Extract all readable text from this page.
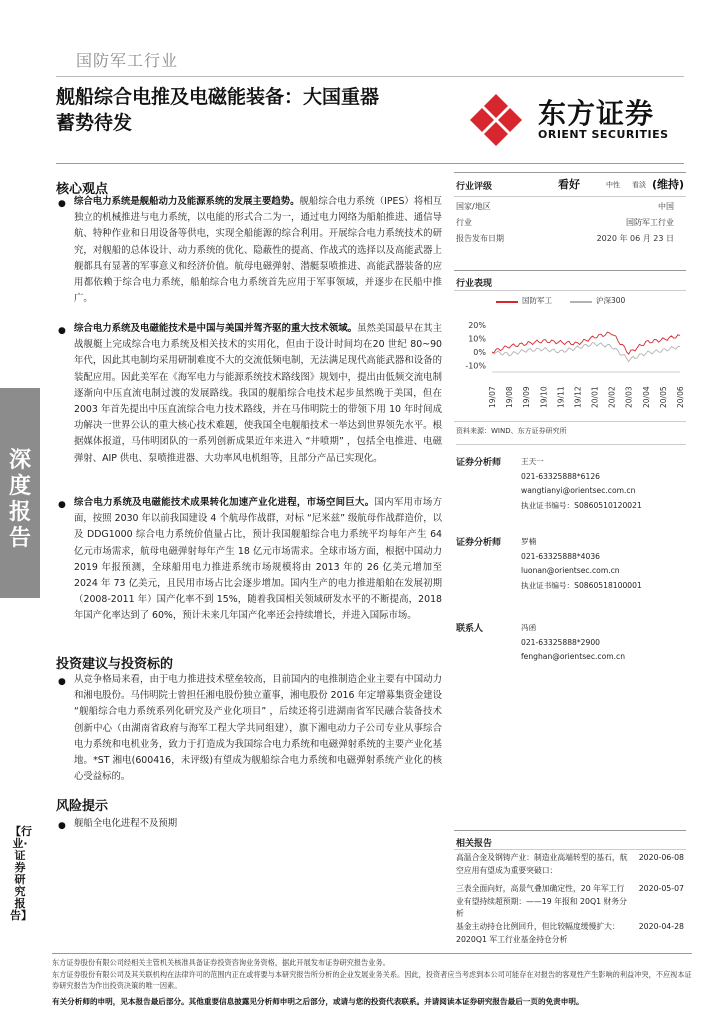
国防军工行业
舰船综合电推及电磁能装备：大国重器
蓄势待发	东方证券
ORIENT SECURITIES
深
度
报
告
【行业·证券研究报告】
核心观点
● 综合电力系统是舰船动力及能源系统的发展主要趋势。舰船综合电力系统（IPES）将相互独立的机械推进与电力系统，以电能的形式合二为一，通过电力网络为船舶推进、通信导航、特种作业和日用设备等供电，实现全船能源的综合利用。开展综合电力系统技术的研究，对舰船的总体设计、动力系统的优化、隐蔽性的提高、作战式的选择以及高能武器上舰都具有显著的军事意义和经济价值。航母电磁弹射、潜艇泵喷推进、高能武器装备的应用都依赖于综合电力系统，船舶综合电力系统首先应用于军事领域，并逐步在民船中推广。
● 综合电力系统及电磁能技术是中国与美国并驾齐驱的重大技术领域。虽然美国最早在其主战舰艇上完成综合电力系统及相关技术的实用化，但由于设计时间均在20 世纪 80~90 年代，因此其电制均采用研制难度不大的交流低频电制，无法满足现代高能武器和设备的装配应用。因此美军在《海军电力与能源系统技术路线图》规划中，提出由低频交流电制逐渐向中压直流电制过渡的发展路线。我国的舰船综合电技术起步虽然晚于美国，但在 2003 年首先提出中压直流综合电力技术路线，并在马伟明院士的带领下用 10 年时间成功解决一世界公认的重大核心技术难题，使我国全电舰船技术一举达到世界领先水平。根据媒体报道，马伟明团队的一系列创新成果近年来进入 “井喷期” ，包括全电推进、电磁弹射、AIP 供电、泵喷推进器、大功率风电机组等，且部分产品已实现化。
● 综合电力系统及电磁能技术成果转化加速产业化进程，市场空间巨大。国内军用市场方面，按照 2030 年以前我国建设 4 个航母作战群，对标 “尼米兹” 级航母作战群造价，以及 DDG1000 综合电力系统价值量占比，预计我国舰船综合电力系统平均每年产生 64 亿元市场需求，航母电磁弹射每年产生 18 亿元市场需求。全球市场方面，根据中国动力 2019 年报预测，全球船用电力推进系统市场规模将由 2013 年的 26 亿美元增加至 2024 年 73 亿美元，且民用市场占比会逐步增加。国内生产的电力推进船舶在发展初期（2008-2011 年）国产化率不到 15%，随着我国相关领域研发水平的不断提高，2018 年国产化率达到了 60%，预计未来几年国产化率还会持续增长，并进入国际市场。
投资建议与投资标的
● 从竞争格局来看，由于电力推进技术壁垒较高，目前国内的电推制造企业主要有中国动力和湘电股份。马伟明院士曾担任湘电股份独立董事，湘电股份 2016 年定增募集资金建设 “舰船综合电力系统系列化研究及产业化项目” ，后续还将引进湖南省军民融合装备技术创新中心（由湖南省政府与海军工程大学共同组建），旗下湘电动力子公司专业从事综合电力系统和电机业务，致力于打造成为我国综合电力系统和电磁弹射系统的主要产业化基地。*ST 湘电(600416，未评级)有望成为舰船综合电力系统和电磁弹射系统产业化的核心受益标的。
风险提示
● 舰船全电化进程不及预期
行业评级	看好	中性 看淡 (维持)
国家/地区	中国
行业	国防军工行业
报告发布日期	2020 年 06 月 23 日
行业表现
国防军工	沪深300
20%
10%
0%
-10%
19/07 19/08 19/09 19/10 19/11 19/12 20/01 20/02 20/03 20/04 20/05 20/06
资料来源：WIND、东方证券研究所
证券分析师	王天一
021-63325888*6126
wangtianyi@orientsec.com.cn
执业证书编号：S0860510120021
证券分析师	罗楠
021-63325888*4036
luonan@orientsec.com.cn
执业证书编号：S0860518100001
联系人	冯函
021-63325888*2900
fenghan@orientsec.com.cn
相关报告
高温合金及钢铸产业：制造业高端转型的基石，航空应用有望成为重要突破口：
2020-06-08
三表全面向好，高景气叠加确定性，20 年军工行业有望持续超预期：——19 年报和 20Q1 财务分析
2020-05-07
基金主动持仓比例回升，但比较幅度缓慢扩大：2020Q1 军工行业基金持仓分析
2020-04-28
东方证券股份有限公司经相关主管机关核准具备证券投资咨询业务资格，据此开展发布证券研究报告业务。
东方证券股份有限公司及其关联机构在法律许可的范围内正在或将要与本研究报告所分析的企业发展业务关系。因此，投资者应当考虑到本公司可能存在对报告的客观性产生影响的利益冲突，不应视本证券研究报告为作出投资决策的唯一因素。
有关分析师的申明，见本报告最后部分。其他重要信息披露见分析师申明之后部分，或请与您的投资代表联系。并请阅读本证券研究报告最后一页的免责申明。
